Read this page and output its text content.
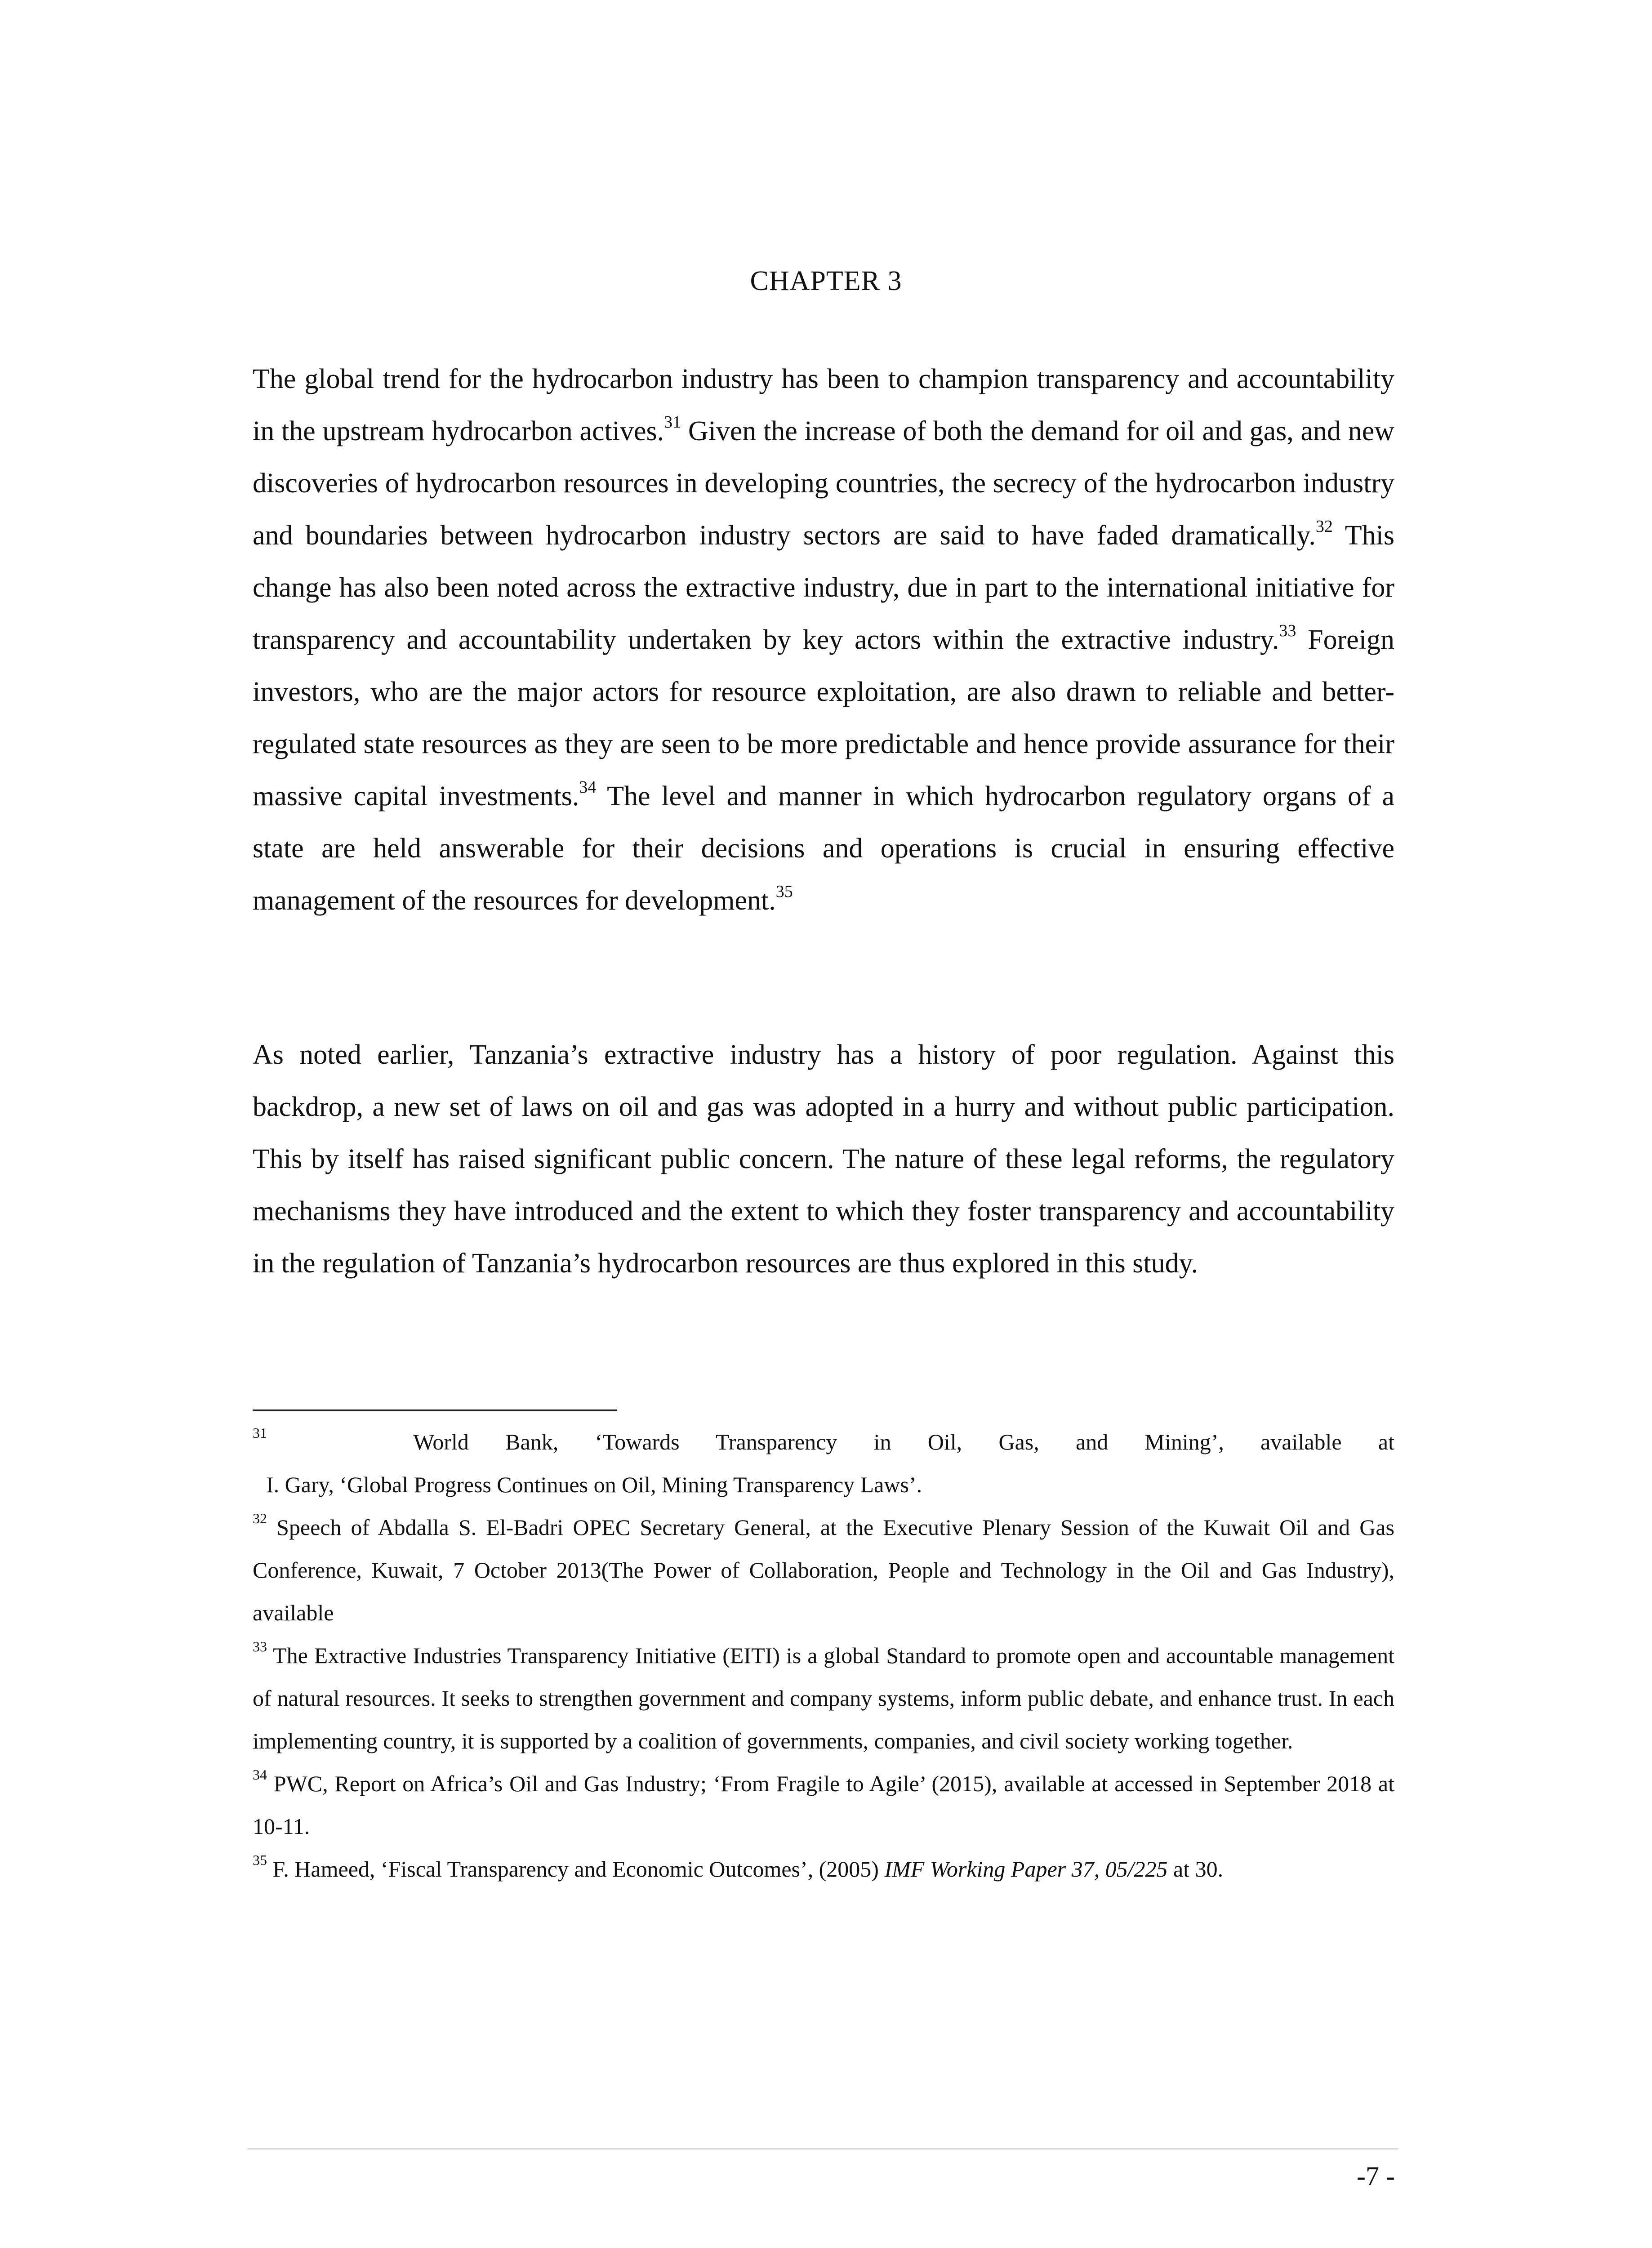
CHAPTER 3

The global trend for the hydrocarbon industry has been to champion transparency and accountability in the upstream hydrocarbon actives.$^{31}$ Given the increase of both the demand for oil and gas, and new discoveries of hydrocarbon resources in developing countries, the secrecy of the hydrocarbon industry and boundaries between hydrocarbon industry sectors are said to have faded dramatically.$^{32}$ This change has also been noted across the extractive industry, due in part to the international initiative for transparency and accountability undertaken by key actors within the extractive industry.$^{33}$ Foreign investors, who are the major actors for resource exploitation, are also drawn to reliable and better-regulated state resources as they are seen to be more predictable and hence provide assurance for their massive capital investments.$^{34}$ The level and manner in which hydrocarbon regulatory organs of a state are held answerable for their decisions and operations is crucial in ensuring effective management of the resources for development.$^{35}$

As noted earlier, Tanzania’s extractive industry has a history of poor regulation. Against this backdrop, a new set of laws on oil and gas was adopted in a hurry and without public participation. This by itself has raised significant public concern. The nature of these legal reforms, the regulatory mechanisms they have introduced and the extent to which they foster transparency and accountability in the regulation of Tanzania’s hydrocarbon resources are thus explored in this study.

$^{31}$	World Bank, ‘Towards Transparency in Oil, Gas, and Mining’, available at
I. Gary, ‘Global Progress Continues on Oil, Mining Transparency Laws’.
$^{32}$ Speech of Abdalla S. El-Badri OPEC Secretary General, at the Executive Plenary Session of the Kuwait Oil and Gas Conference, Kuwait, 7 October 2013(The Power of Collaboration, People and Technology in the Oil and Gas Industry), available
$^{33}$ The Extractive Industries Transparency Initiative (EITI) is a global Standard to promote open and accountable management of natural resources. It seeks to strengthen government and company systems, inform public debate, and enhance trust. In each implementing country, it is supported by a coalition of governments, companies, and civil society working together.
$^{34}$ PWC, Report on Africa’s Oil and Gas Industry; ‘From Fragile to Agile’ (2015), available at accessed in September 2018 at 10-11.
$^{35}$ F. Hameed, ‘Fiscal Transparency and Economic Outcomes’, (2005) IMF Working Paper 37, 05/225 at 30.
-7 -
